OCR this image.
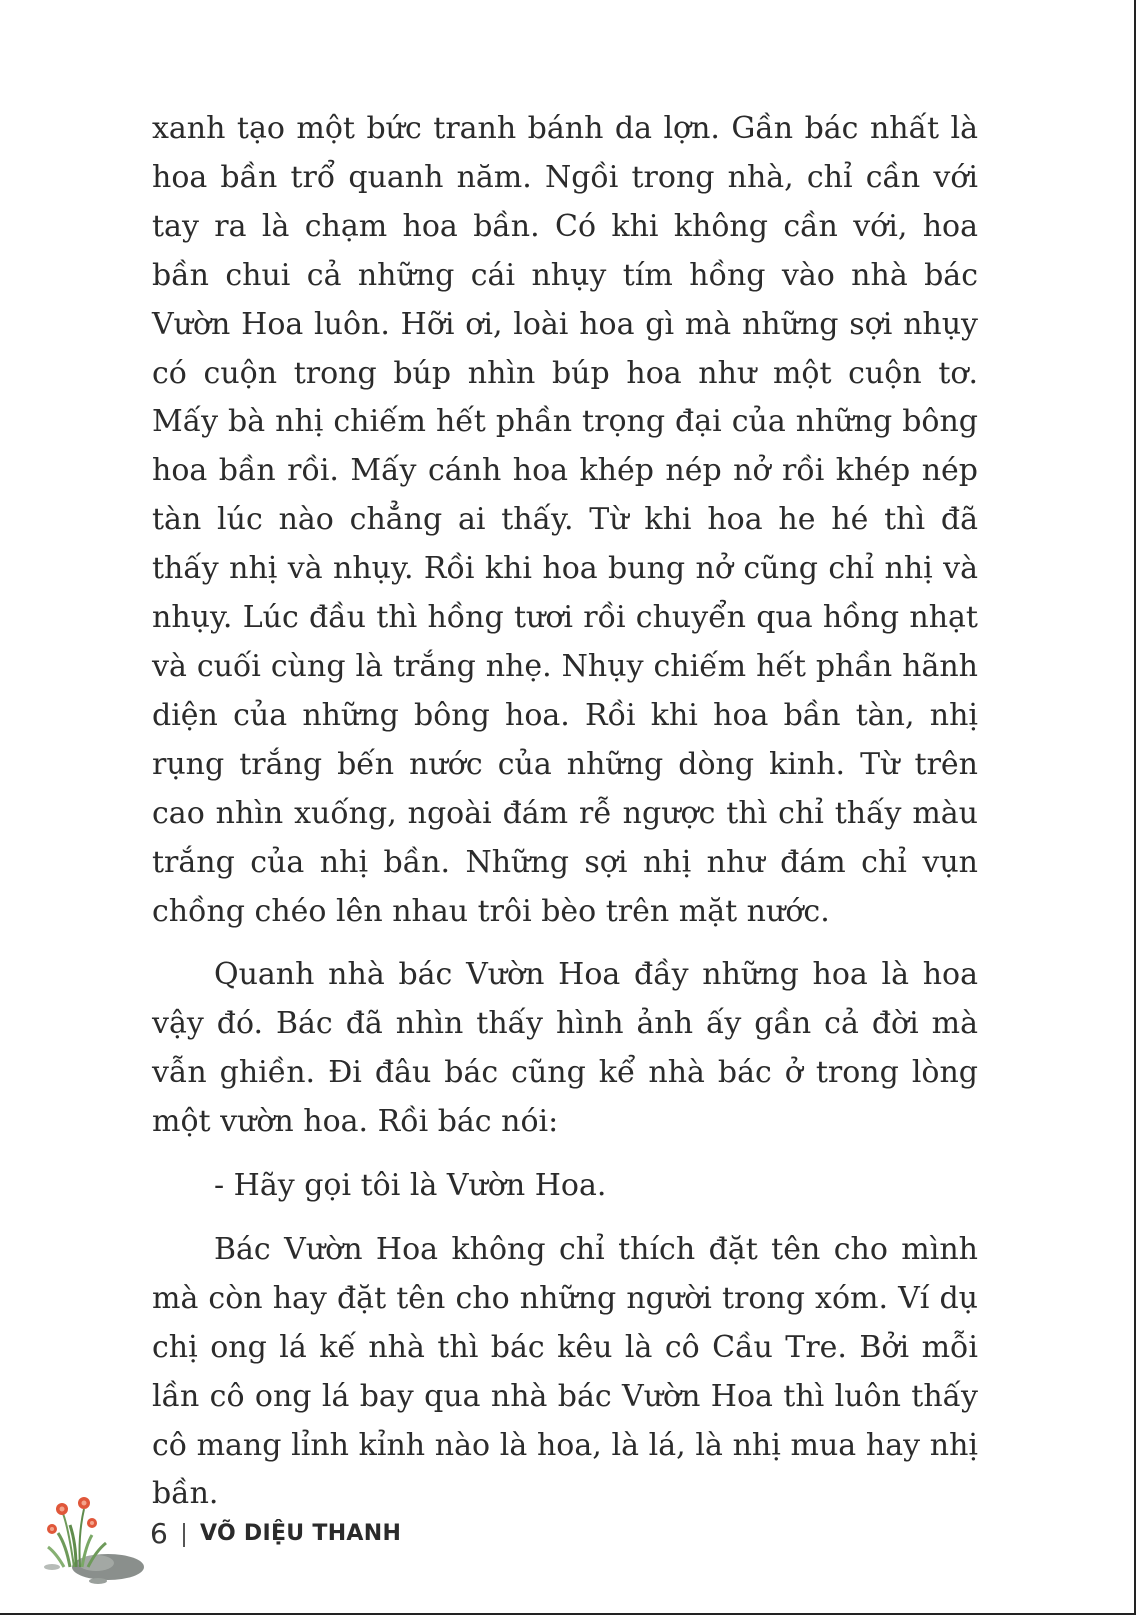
xanh tạo một bức tranh bánh da lợn. Gần bác nhất là hoa bần trổ quanh năm. Ngồi trong nhà, chỉ cần với tay ra là chạm hoa bần. Có khi không cần với, hoa bần chui cả những cái nhụy tím hồng vào nhà bác Vườn Hoa luôn. Hỡi ơi, loài hoa gì mà những sợi nhụy có cuộn trong búp nhìn búp hoa như một cuộn tơ. Mấy bà nhị chiếm hết phần trọng đại của những bông hoa bần rồi. Mấy cánh hoa khép nép nở rồi khép nép tàn lúc nào chẳng ai thấy. Từ khi hoa he hé thì đã thấy nhị và nhụy. Rồi khi hoa bung nở cũng chỉ nhị và nhụy. Lúc đầu thì hồng tươi rồi chuyển qua hồng nhạt và cuối cùng là trắng nhẹ. Nhụy chiếm hết phần hãnh diện của những bông hoa. Rồi khi hoa bần tàn, nhị rụng trắng bến nước của những dòng kinh. Từ trên cao nhìn xuống, ngoài đám rễ ngược thì chỉ thấy màu trắng của nhị bần. Những sợi nhị như đám chỉ vụn chồng chéo lên nhau trôi bèo trên mặt nước.

Quanh nhà bác Vườn Hoa đầy những hoa là hoa vậy đó. Bác đã nhìn thấy hình ảnh ấy gần cả đời mà vẫn ghiền. Đi đâu bác cũng kể nhà bác ở trong lòng một vườn hoa. Rồi bác nói:

- Hãy gọi tôi là Vườn Hoa.

Bác Vườn Hoa không chỉ thích đặt tên cho mình mà còn hay đặt tên cho những người trong xóm. Ví dụ chị ong lá kế nhà thì bác kêu là cô Cầu Tre. Bởi mỗi lần cô ong lá bay qua nhà bác Vườn Hoa thì luôn thấy cô mang lỉnh kỉnh nào là hoa, là lá, là nhị mua hay nhị bần.

6 VÕ DIỆU THANH
